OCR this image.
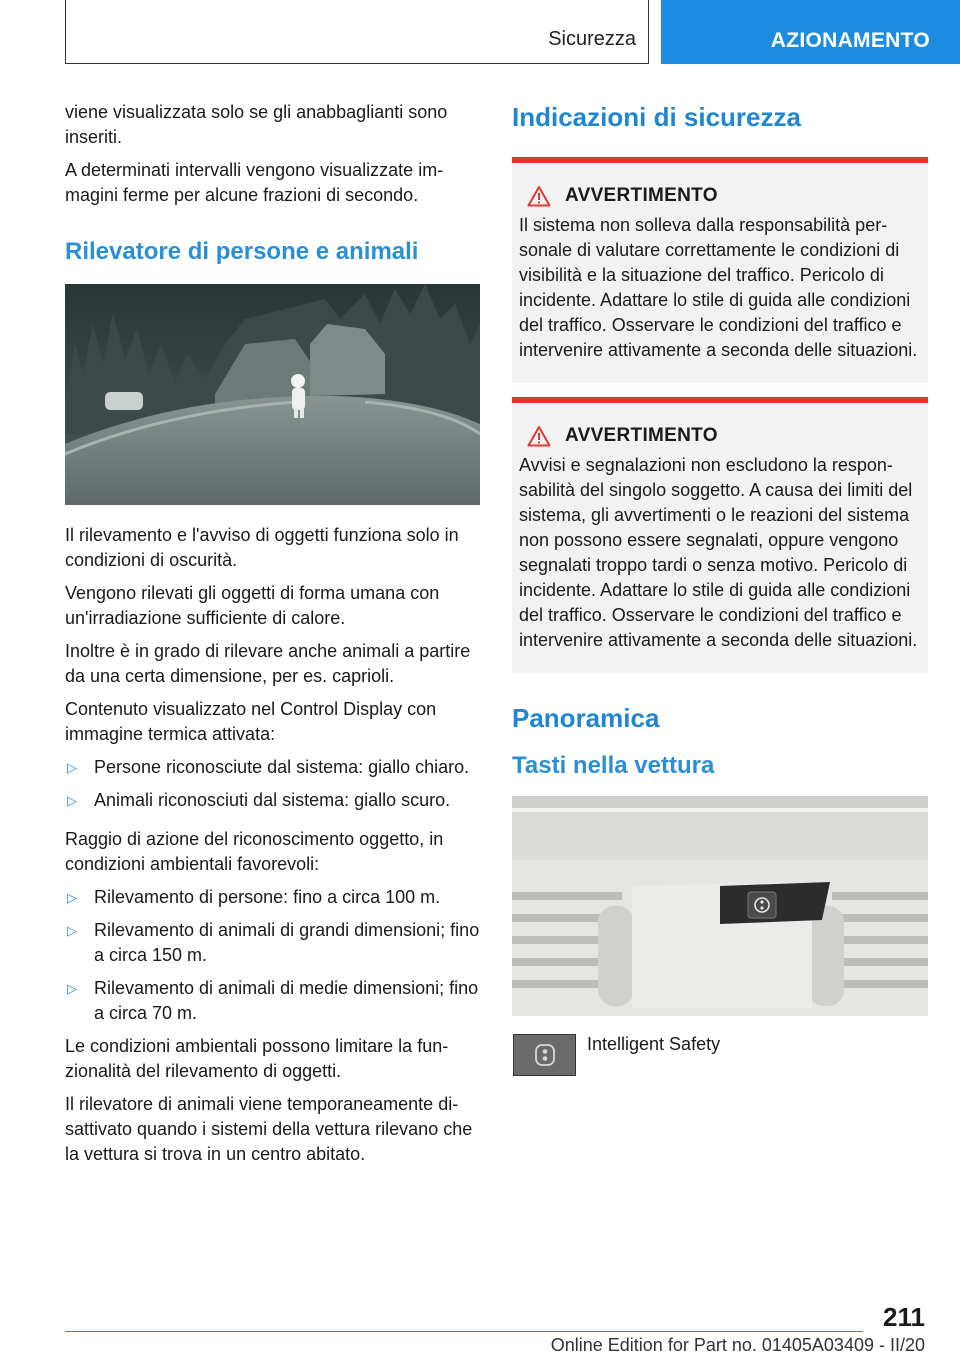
Sicurezza	AZIONAMENTO

viene visualizzata solo se gli anabbaglianti sono inseriti.

A determinati intervalli vengono visualizzate immagini ferme per alcune frazioni di secondo.

Rilevatore di persone e animali

Il rilevamento e l'avviso di oggetti funziona solo in condizioni di oscurità.

Vengono rilevati gli oggetti di forma umana con un'irradiazione sufficiente di calore.

Inoltre è in grado di rilevare anche animali a partire da una certa dimensione, per es. caprioli.

Contenuto visualizzato nel Control Display con immagine termica attivata:

▷ Persone riconosciute dal sistema: giallo chiaro.
▷ Animali riconosciuti dal sistema: giallo scuro.

Raggio di azione del riconoscimento oggetto, in condizioni ambientali favorevoli:

▷ Rilevamento di persone: fino a circa 100 m.
▷ Rilevamento di animali di grandi dimensioni; fino a circa 150 m.
▷ Rilevamento di animali di medie dimensioni; fino a circa 70 m.

Le condizioni ambientali possono limitare la funzionalità del rilevamento di oggetti.

Il rilevatore di animali viene temporaneamente disattivato quando i sistemi della vettura rilevano che la vettura si trova in un centro abitato.

Indicazioni di sicurezza
AVVERTIMENTO

Il sistema non solleva dalla responsabilità personale di valutare correttamente le condizioni di visibilità e la situazione del traffico. Pericolo di incidente. Adattare lo stile di guida alle condizioni del traffico. Osservare le condizioni del traffico e intervenire attivamente a seconda delle situazioni.

AVVERTIMENTO

Avvisi e segnalazioni non escludono la responsabilità del singolo soggetto. A causa dei limiti del sistema, gli avvertimenti o le reazioni del sistema non possono essere segnalati, oppure vengono segnalati troppo tardi o senza motivo. Pericolo di incidente. Adattare lo stile di guida alle condizioni del traffico. Osservare le condizioni del traffico e intervenire attivamente a seconda delle situazioni.

Panoramica
Tasti nella vettura
Intelligent Safety
211
Online Edition for Part no. 01405A03409 - II/20
